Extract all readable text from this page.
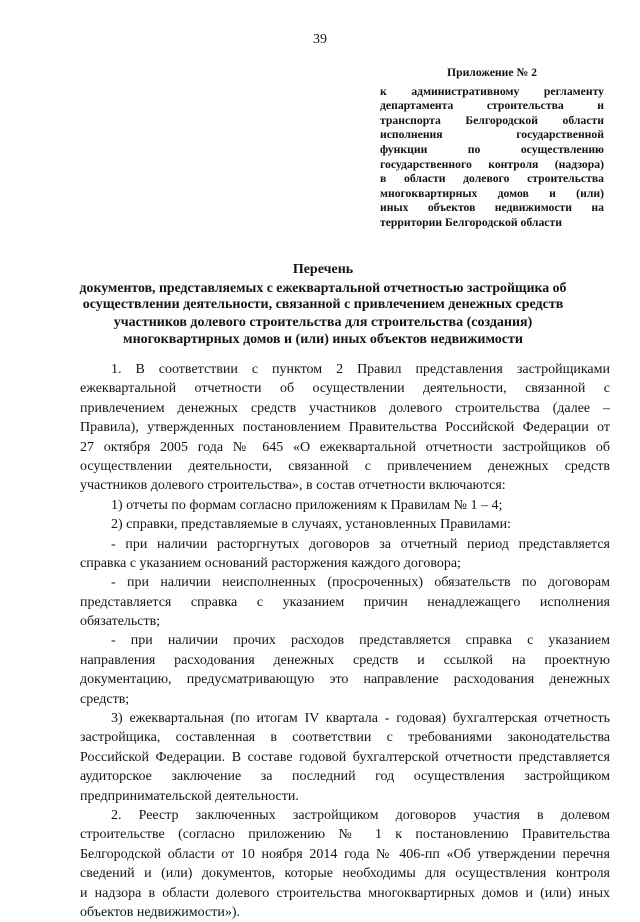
39
Приложение № 2
к административному регламенту
департамента строительства и
транспорта Белгородской области
исполнения государственной
функции по осуществлению
государственного контроля (надзора)
в области долевого строительства
многоквартирных домов и (или)
иных объектов недвижимости на
территории Белгородской области
Перечень
документов, представляемых с ежеквартальной отчетностью застройщика об
осуществлении деятельности, связанной с привлечением денежных средств
участников долевого строительства для строительства (создания)
многоквартирных домов и (или) иных объектов недвижимости
1. В соответствии с пунктом 2 Правил представления застройщиками
ежеквартальной отчетности об осуществлении деятельности, связанной с
привлечением денежных средств участников долевого строительства (далее –
Правила), утвержденных постановлением Правительства Российской Федерации от
27 октября 2005 года № 645 «О ежеквартальной отчетности застройщиков об
осуществлении деятельности, связанной с привлечением денежных средств
участников долевого строительства», в состав отчетности включаются:
1) отчеты по формам согласно приложениям к Правилам № 1 – 4;
2) справки, представляемые в случаях, установленных Правилами:
- при наличии расторгнутых договоров за отчетный период представляется
справка с указанием оснований расторжения каждого договора;
- при наличии неисполненных (просроченных) обязательств по договорам
представляется справка с указанием причин ненадлежащего исполнения
обязательств;
- при наличии прочих расходов представляется справка с указанием
направления расходования денежных средств и ссылкой на проектную
документацию, предусматривающую это направление расходования денежных
средств;
3) ежеквартальная (по итогам IV квартала - годовая) бухгалтерская отчетность
застройщика, составленная в соответствии с требованиями законодательства
Российской Федерации. В составе годовой бухгалтерской отчетности представляется
аудиторское заключение за последний год осуществления застройщиком
предпринимательской деятельности.
2. Реестр заключенных застройщиком договоров участия в долевом
строительстве (согласно приложению № 1 к постановлению Правительства
Белгородской области от 10 ноября 2014 года № 406-пп «Об утверждении перечня
сведений и (или) документов, которые необходимы для осуществления контроля
и надзора в области долевого строительства многоквартирных домов и (или) иных
объектов недвижимости»).
